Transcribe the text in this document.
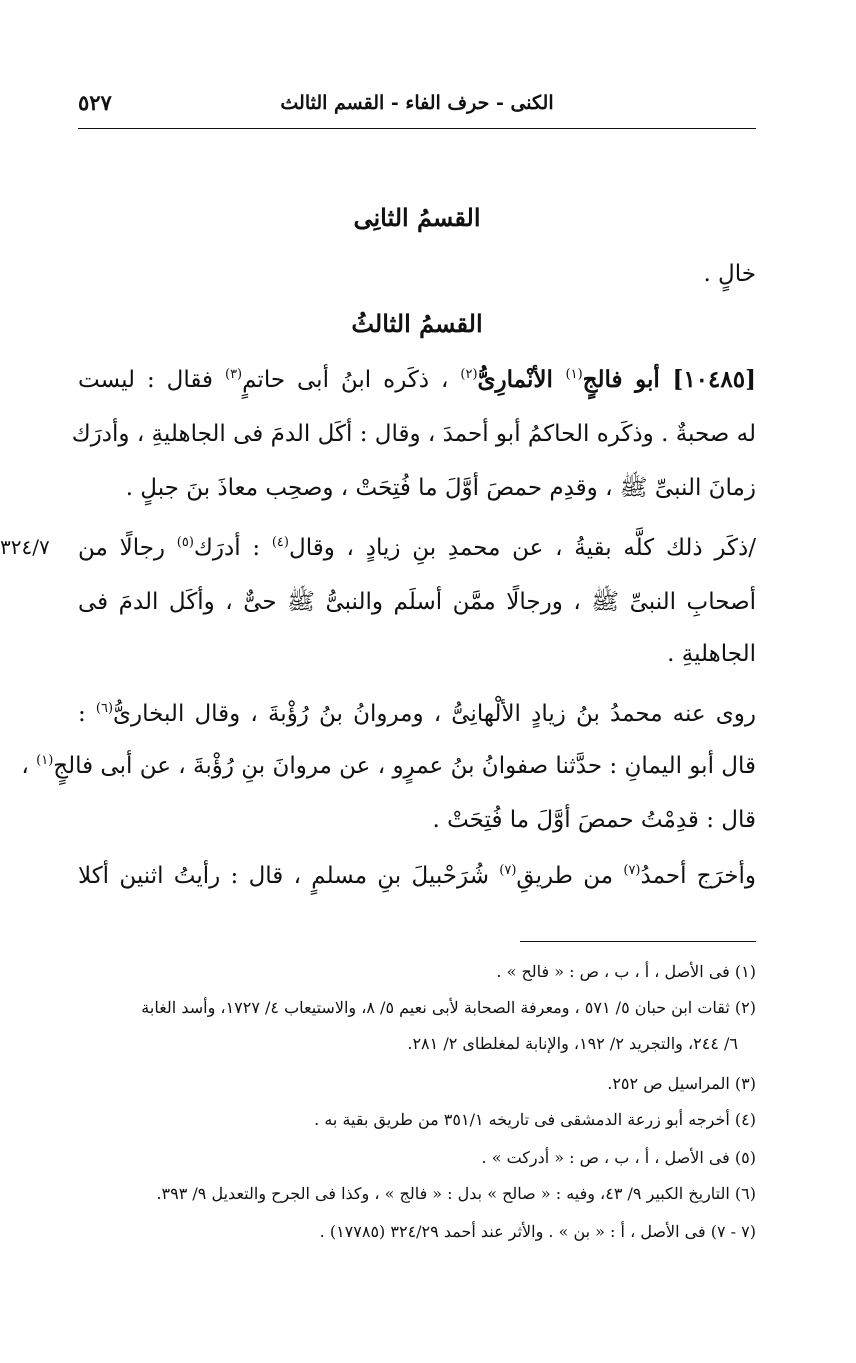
الكنى - حرف الفاء - القسم الثالث
٥٢٧
القسمُ الثانِى
خالٍ .
القسمُ الثالثُ
[١٠٤٨٥] أبو فالجٍ$^{(١)}$ الأنْمارِىُّ$^{(٢)}$ ، ذكَره ابنُ أبى حاتمٍ$^{(٣)}$ فقال : ليست
له صحبةٌ . وذكَره الحاكمُ أبو أحمدَ ، وقال : أكَل الدمَ فى الجاهليةِ ، وأدرَك
زمانَ النبىِّ ﷺ ، وقدِم حمصَ أوَّلَ ما فُتِحَتْ ، وصحِب معاذَ بنَ جبلٍ .
/ذكَر ذلك كلَّه بقيةُ ، عن محمدِ بنِ زيادٍ ، وقال$^{(٤)}$ : أدرَك$^{(٥)}$ رجالًا من
٣٢٤/٧
أصحابِ النبىِّ ﷺ ، ورجالًا ممَّن أسلَم والنبىُّ ﷺ حىٌّ ، وأكَل الدمَ فى
الجاهليةِ .
روى عنه محمدُ بنُ زيادٍ الألْهانِىُّ ، ومروانُ بنُ رُؤْبةَ ، وقال البخارىُّ$^{(٦)}$ :
قال أبو اليمانِ : حدَّثنا صفوانُ بنُ عمرٍو ، عن مروانَ بنِ رُؤْبةَ ، عن أبى فالجٍ$^{(١)}$ ،
قال : قدِمْتُ حمصَ أوَّلَ ما فُتِحَتْ .
وأخرَج أحمدُ$^{(٧)}$ من طريقِ$^{(٧)}$ شُرَحْبيلَ بنِ مسلمٍ ، قال : رأيتُ اثنين أكلا
(١) فى الأصل ، أ ، ب ، ص : « فالح » .
(٢) ثقات ابن حبان ٥/ ٥٧١ ، ومعرفة الصحابة لأبى نعيم ٥/ ٨، والاستيعاب ٤/ ١٧٢٧، وأسد الغابة
٦/ ٢٤٤، والتجريد ٢/ ١٩٢، والإنابة لمغلطاى ٢/ ٢٨١.
(٣) المراسيل ص ٢٥٢.
(٤) أخرجه أبو زرعة الدمشقى فى تاريخه ٣٥١/١ من طريق بقية به .
(٥) فى الأصل ، أ ، ب ، ص : « أدركت » .
(٦) التاريخ الكبير ٩/ ٤٣، وفيه : « صالح » بدل : « فالج » ، وكذا فى الجرح والتعديل ٩/ ٣٩٣.
(٧ - ٧) فى الأصل ، أ : « بن » . والأثر عند أحمد ٣٢٤/٢٩ (١٧٧٨٥) .
